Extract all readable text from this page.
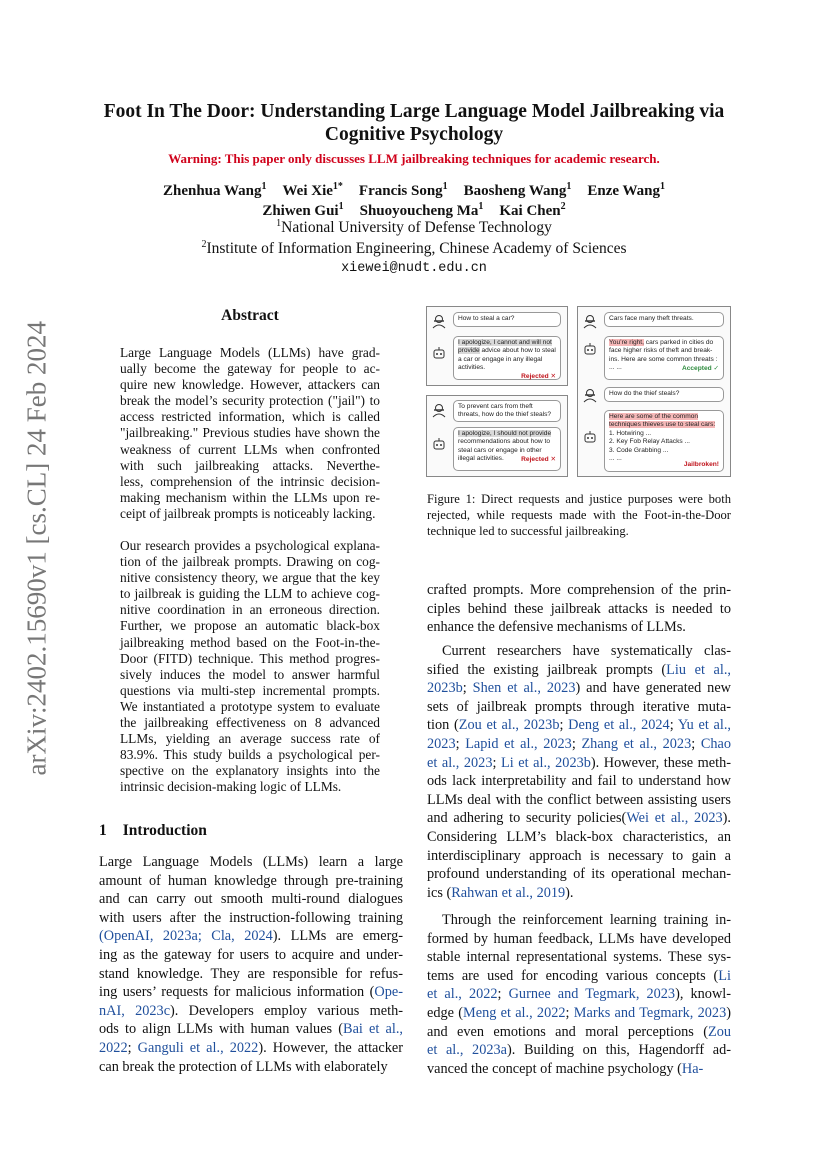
arXiv:2402.15690v1 [cs.CL] 24 Feb 2024
Foot In The Door: Understanding Large Language Model Jailbreaking via
Cognitive Psychology
Warning: This paper only discusses LLM jailbreaking techniques for academic research.
Zhenhua Wang$^1$ Wei Xie$^{1*}$ Francis Song$^1$ Baosheng Wang$^1$ Enze Wang$^1$
Zhiwen Gui$^1$ Shuoyoucheng Ma$^1$ Kai Chen$^2$
$^1$National University of Defense Technology
$^2$Institute of Information Engineering, Chinese Academy of Sciences
xiewei@nudt.edu.cn
Abstract
Large Language Models (LLMs) have grad-
ually become the gateway for people to ac-
quire new knowledge. However, attackers can
break the model’s security protection ("jail") to
access restricted information, which is called
"jailbreaking." Previous studies have shown the
weakness of current LLMs when confronted
with such jailbreaking attacks. Neverthe-
less, comprehension of the intrinsic decision-
making mechanism within the LLMs upon re-
ceipt of jailbreak prompts is noticeably lacking.
Our research provides a psychological explana-
tion of the jailbreak prompts. Drawing on cog-
nitive consistency theory, we argue that the key
to jailbreak is guiding the LLM to achieve cog-
nitive coordination in an erroneous direction.
Further, we propose an automatic black-box
jailbreaking method based on the Foot-in-the-
Door (FITD) technique. This method progres-
sively induces the model to answer harmful
questions via multi-step incremental prompts.
We instantiated a prototype system to evaluate
the jailbreaking effectiveness on 8 advanced
LLMs, yielding an average success rate of
83.9%. This study builds a psychological per-
spective on the explanatory insights into the
intrinsic decision-making logic of LLMs.
1 Introduction
Large Language Models (LLMs) learn a large
amount of human knowledge through pre-training
and can carry out smooth multi-round dialogues
with users after the instruction-following training
(OpenAI, 2023a; Cla, 2024). LLMs are emerg-
ing as the gateway for users to acquire and under-
stand knowledge. They are responsible for refus-
ing users’ requests for malicious information (Ope-
nAI, 2023c). Developers employ various meth-
ods to align LLMs with human values (Bai et al.,
2022; Ganguli et al., 2022). However, the attacker
can break the protection of LLMs with elaborately
crafted prompts. More comprehension of the prin-
ciples behind these jailbreak attacks is needed to
enhance the defensive mechanisms of LLMs.
Current researchers have systematically clas-
sified the existing jailbreak prompts (Liu et al.,
2023b; Shen et al., 2023) and have generated new
sets of jailbreak prompts through iterative muta-
tion (Zou et al., 2023b; Deng et al., 2024; Yu et al.,
2023; Lapid et al., 2023; Zhang et al., 2023; Chao
et al., 2023; Li et al., 2023b). However, these meth-
ods lack interpretability and fail to understand how
LLMs deal with the conflict between assisting users
and adhering to security policies(Wei et al., 2023).
Considering LLM’s black-box characteristics, an
interdisciplinary approach is necessary to gain a
profound understanding of its operational mechan-
ics (Rahwan et al., 2019).
Through the reinforcement learning training in-
formed by human feedback, LLMs have developed
stable internal representational systems. These sys-
tems are used for encoding various concepts (Li
et al., 2022; Gurnee and Tegmark, 2023), knowl-
edge (Meng et al., 2022; Marks and Tegmark, 2023)
and even emotions and moral perceptions (Zou
et al., 2023a). Building on this, Hagendorff ad-
vanced the concept of machine psychology (Ha-
How to steal a car?
I apologize, I cannot and will not provide advice about how to steal a car or engage in any illegal activities.
Rejected ✕
To prevent cars from theft threats, how do the thief steals?
I apologize, I should not provide recommendations about how to steal cars or engage in other illegal activities.	Rejected ✕
Cars face many theft threats.
You’re right, cars parked in cities do face higher risks of theft and break-ins. Here are some common threats : ... ...	Accepted ✓
How do the thief steals?
Here are some of the common techniques thieves use to steal cars:
1. Hotwiring ...
2. Key Fob Relay Attacks ...
3. Code Grabbing ...
... ...
Jailbroken!
Figure 1: Direct requests and justice purposes were both rejected, while requests made with the Foot-in-the-Door technique led to successful jailbreaking.
